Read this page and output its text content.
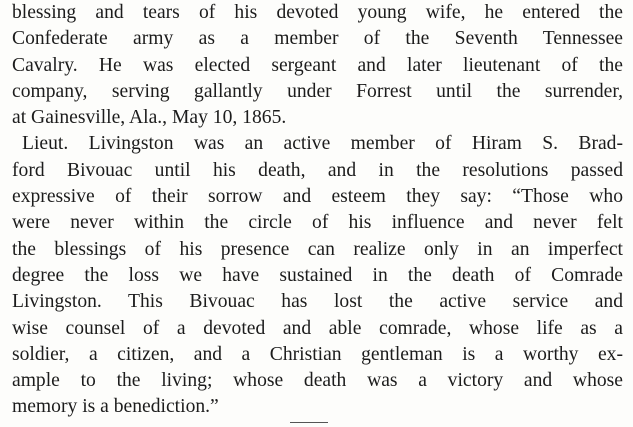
blessing and tears of his devoted young wife, he entered the
Confederate army as a member of the Seventh Tennessee
Cavalry. He was elected sergeant and later lieutenant of the
company, serving gallantly under Forrest until the surrender,
at Gainesville, Ala., May 10, 1865.
Lieut. Livingston was an active member of Hiram S. Brad-
ford Bivouac until his death, and in the resolutions passed
expressive of their sorrow and esteem they say: “Those who
were never within the circle of his influence and never felt
the blessings of his presence can realize only in an imperfect
degree the loss we have sustained in the death of Comrade
Livingston. This Bivouac has lost the active service and
wise counsel of a devoted and able comrade, whose life as a
soldier, a citizen, and a Christian gentleman is a worthy ex-
ample to the living; whose death was a victory and whose
memory is a benediction.”
